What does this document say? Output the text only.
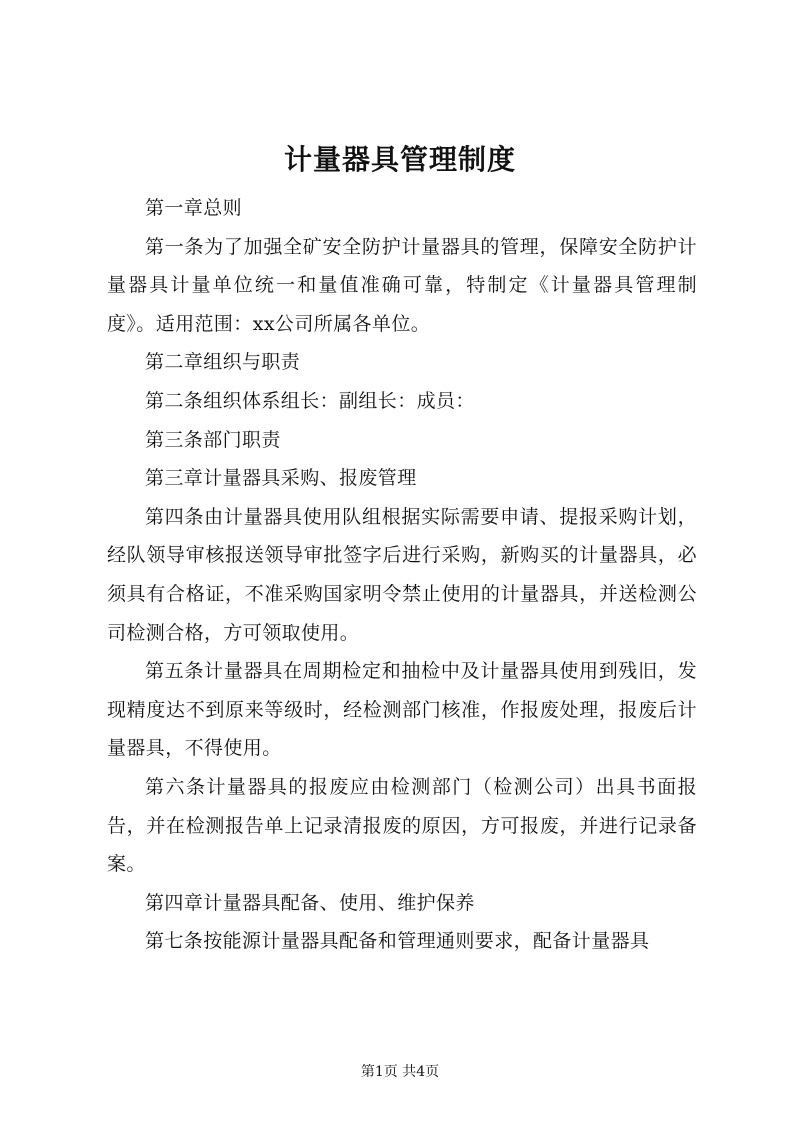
计量器具管理制度

第一章总则

第一条为了加强全矿安全防护计量器具的管理，保障安全防护计量器具计量单位统一和量值准确可靠，特制定《计量器具管理制度》。适用范围：xx公司所属各单位。

第二章组织与职责

第二条组织体系组长：副组长：成员：

第三条部门职责

第三章计量器具采购、报废管理

第四条由计量器具使用队组根据实际需要申请、提报采购计划，经队领导审核报送领导审批签字后进行采购，新购买的计量器具，必须具有合格证，不准采购国家明令禁止使用的计量器具，并送检测公司检测合格，方可领取使用。

第五条计量器具在周期检定和抽检中及计量器具使用到残旧，发现精度达不到原来等级时，经检测部门核准，作报废处理，报废后计量器具，不得使用。

第六条计量器具的报废应由检测部门（检测公司）出具书面报告，并在检测报告单上记录清报废的原因，方可报废，并进行记录备案。

第四章计量器具配备、使用、维护保养

第七条按能源计量器具配备和管理通则要求，配备计量器具

第1页 共4页
